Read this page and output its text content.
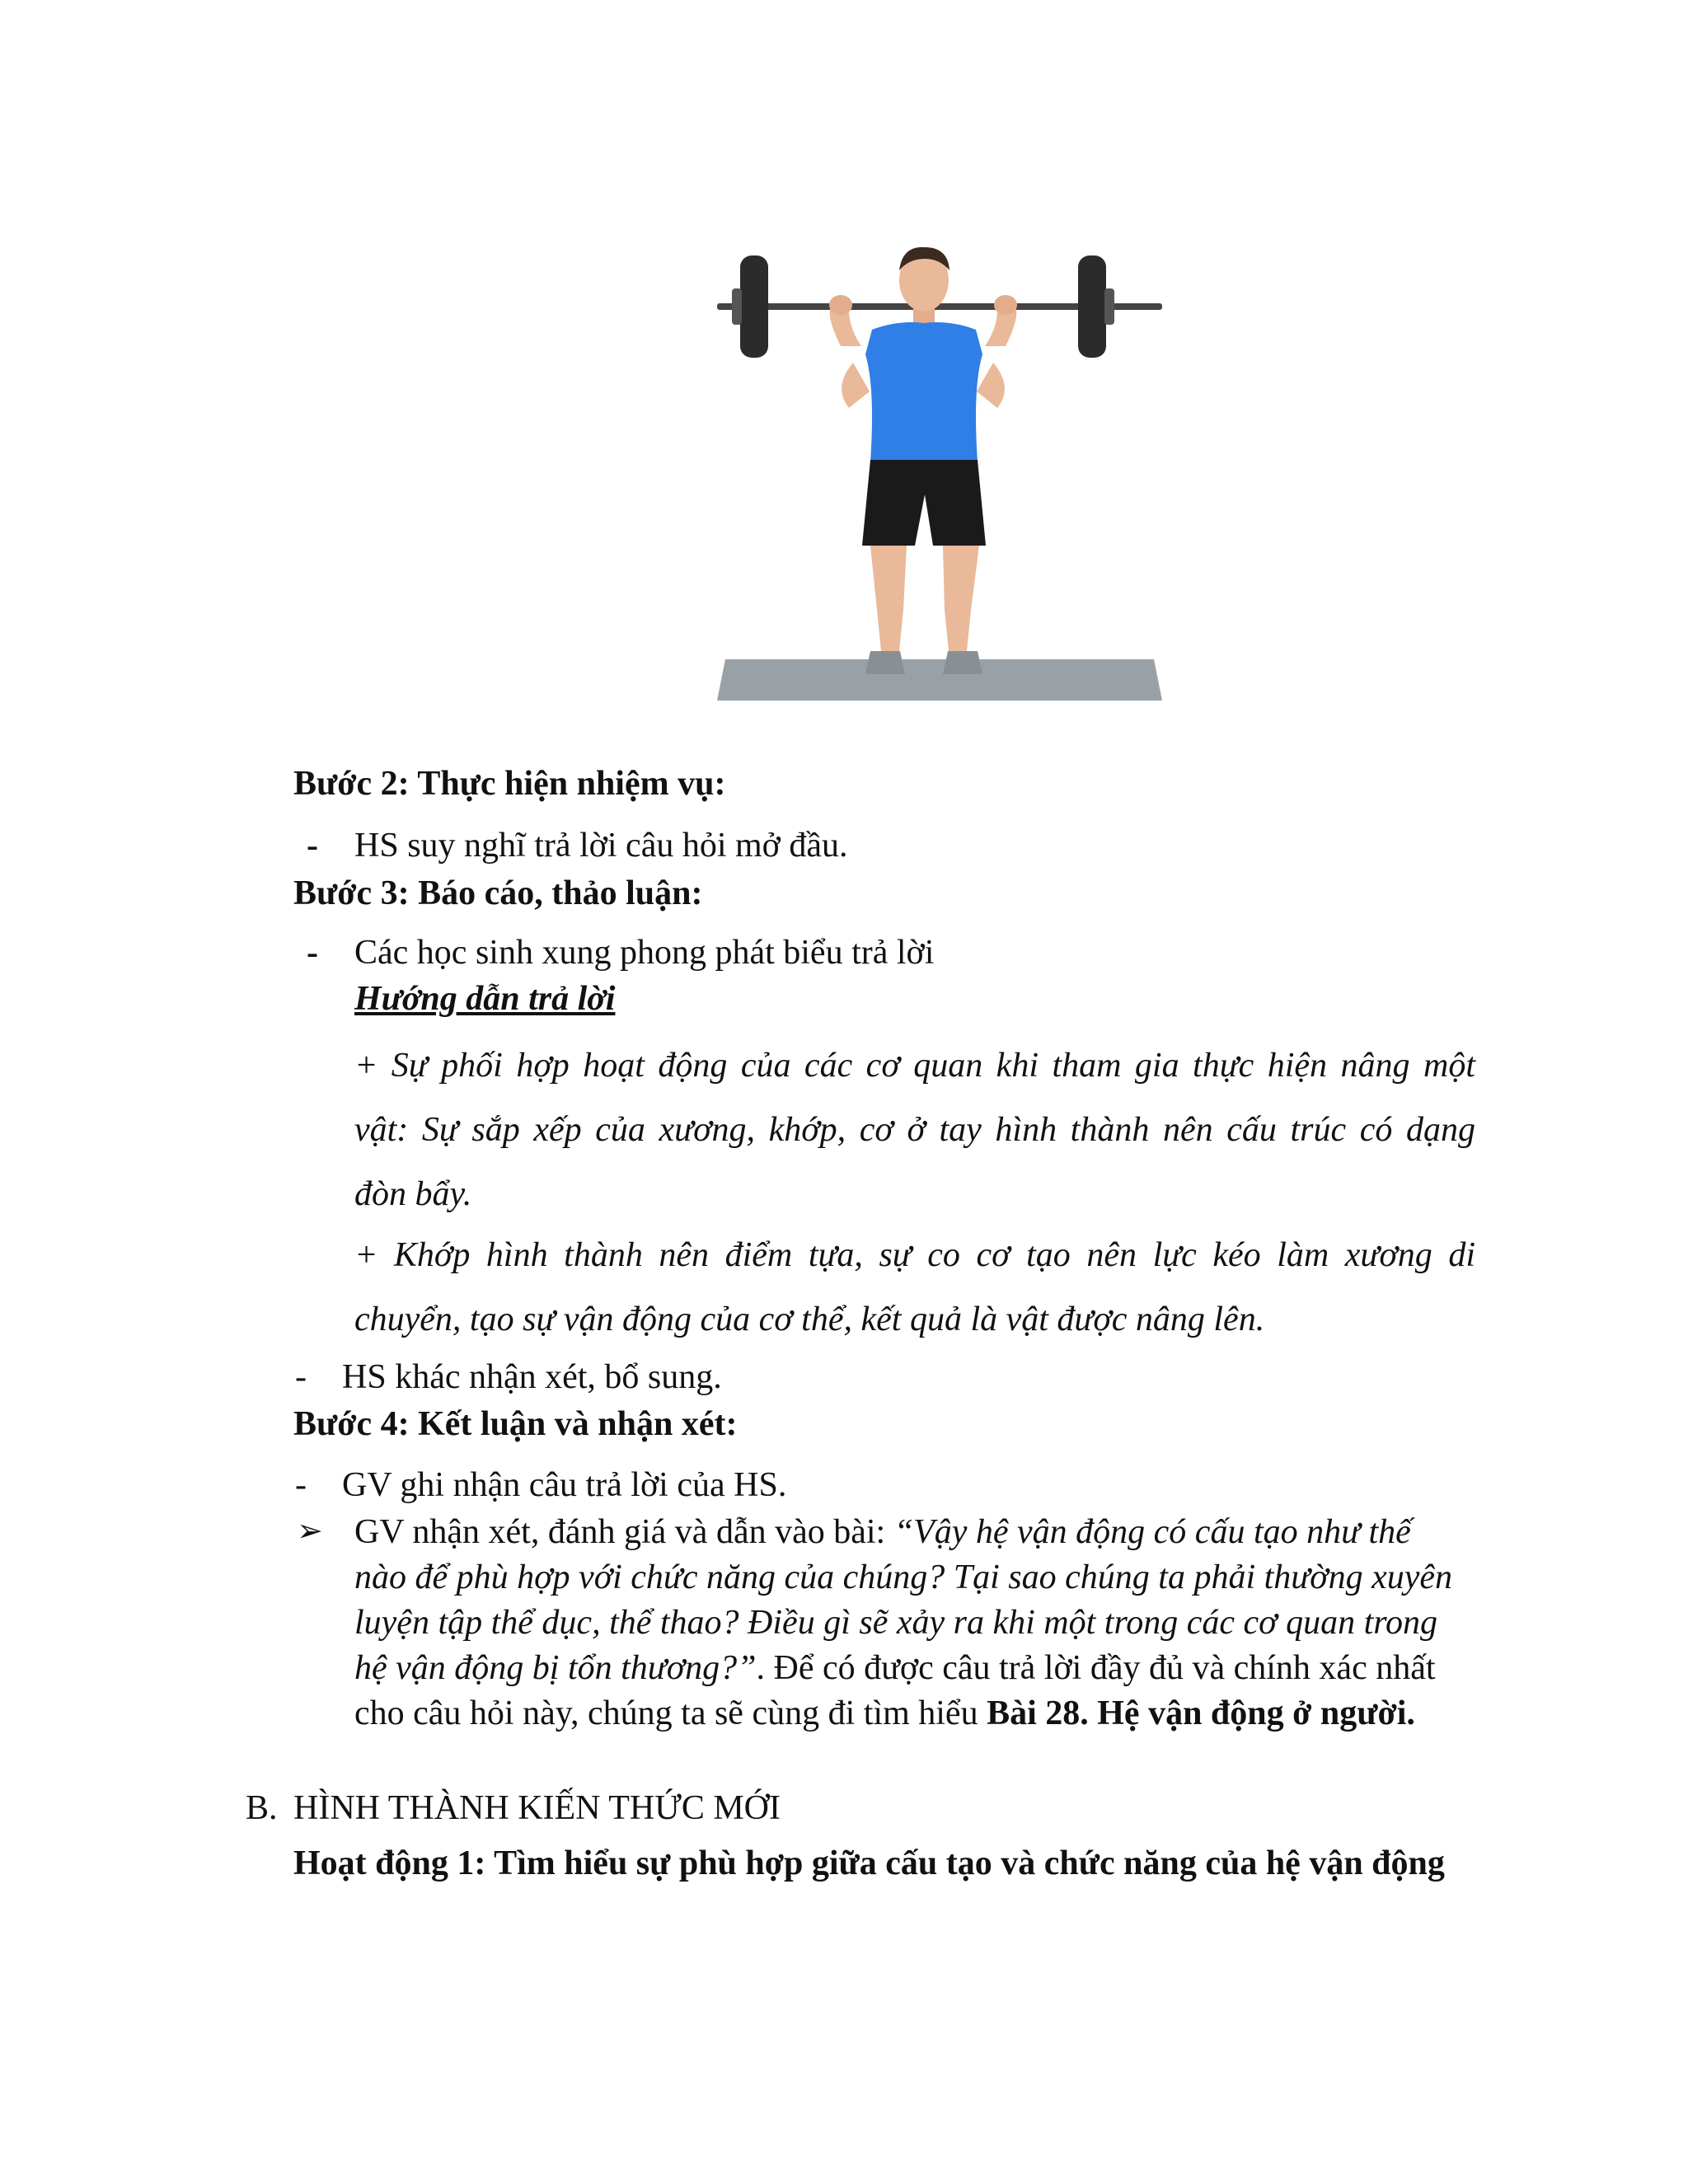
Bước 2: Thực hiện nhiệm vụ:
- HS suy nghĩ trả lời câu hỏi mở đầu.
Bước 3: Báo cáo, thảo luận:
- Các học sinh xung phong phát biểu trả lời
Hướng dẫn trả lời
+ Sự phối hợp hoạt động của các cơ quan khi tham gia thực hiện nâng một
vật: Sự sắp xếp của xương, khớp, cơ ở tay hình thành nên cấu trúc có dạng
đòn bẩy.
+ Khớp hình thành nên điểm tựa, sự co cơ tạo nên lực kéo làm xương di
chuyển, tạo sự vận động của cơ thể, kết quả là vật được nâng lên.
- HS khác nhận xét, bổ sung.
Bước 4: Kết luận và nhận xét:
- GV ghi nhận câu trả lời của HS.
➢ GV nhận xét, đánh giá và dẫn vào bài: “Vậy hệ vận động có cấu tạo như thế nào để phù hợp với chức năng của chúng? Tại sao chúng ta phải thường xuyên luyện tập thể dục, thể thao? Điều gì sẽ xảy ra khi một trong các cơ quan trong hệ vận động bị tổn thương?”. Để có được câu trả lời đầy đủ và chính xác nhất cho câu hỏi này, chúng ta sẽ cùng đi tìm hiểu Bài 28. Hệ vận động ở người.
B. HÌNH THÀNH KIẾN THỨC MỚI
Hoạt động 1: Tìm hiểu sự phù hợp giữa cấu tạo và chức năng của hệ vận động
